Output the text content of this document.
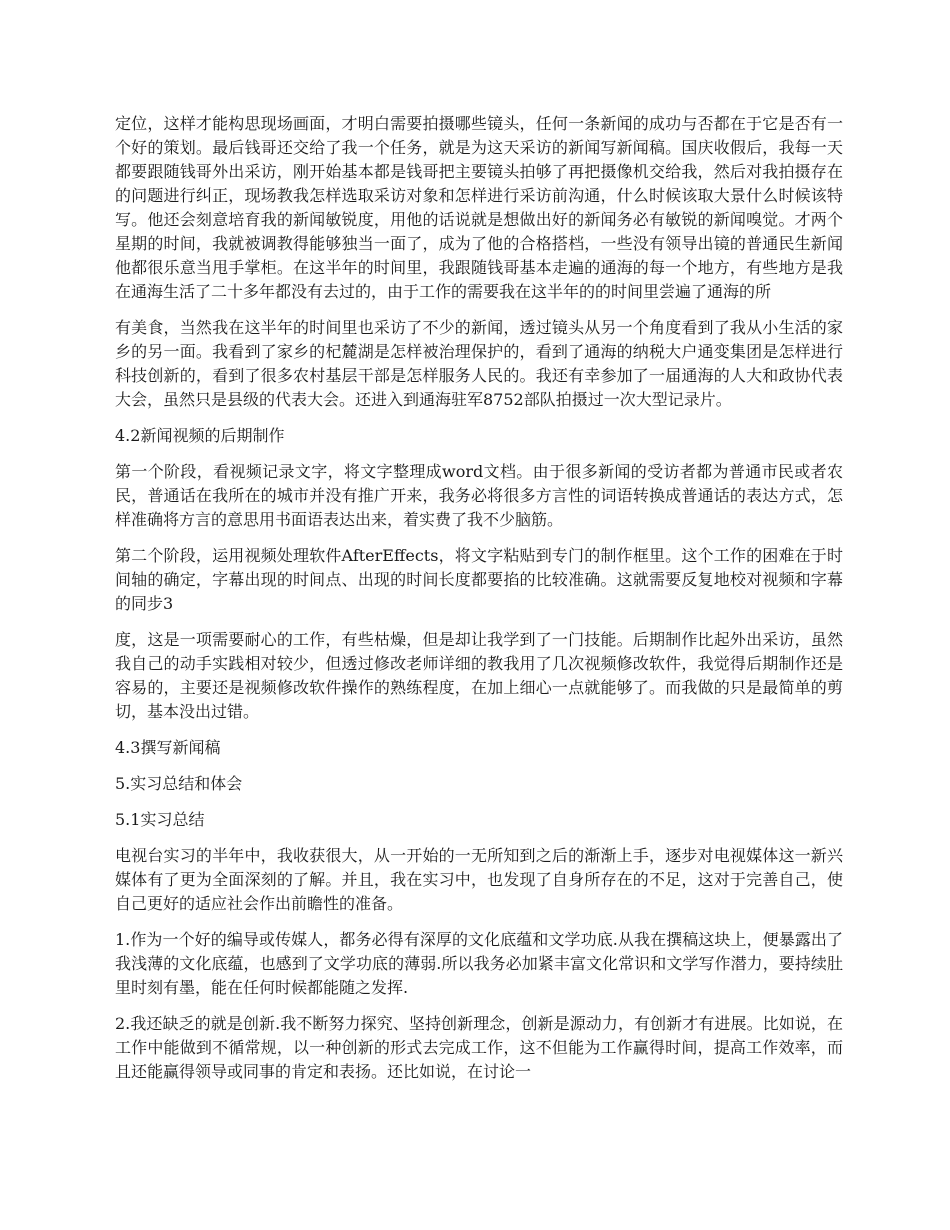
定位，这样才能构思现场画面，才明白需要拍摄哪些镜头，任何一条新闻的成功与否都在于它是否有一个好的策划。最后钱哥还交给了我一个任务，就是为这天采访的新闻写新闻稿。国庆收假后，我每一天都要跟随钱哥外出采访，刚开始基本都是钱哥把主要镜头拍够了再把摄像机交给我，然后对我拍摄存在的问题进行纠正，现场教我怎样选取采访对象和怎样进行采访前沟通，什么时候该取大景什么时候该特写。他还会刻意培育我的新闻敏锐度，用他的话说就是想做出好的新闻务必有敏锐的新闻嗅觉。才两个星期的时间，我就被调教得能够独当一面了，成为了他的合格搭档，一些没有领导出镜的普通民生新闻他都很乐意当甩手掌柜。在这半年的时间里，我跟随钱哥基本走遍的通海的每一个地方，有些地方是我在通海生活了二十多年都没有去过的，由于工作的需要我在这半年的的时间里尝遍了通海的所

有美食，当然我在这半年的时间里也采访了不少的新闻，透过镜头从另一个角度看到了我从小生活的家乡的另一面。我看到了家乡的杞麓湖是怎样被治理保护的，看到了通海的纳税大户通变集团是怎样进行科技创新的，看到了很多农村基层干部是怎样服务人民的。我还有幸参加了一届通海的人大和政协代表大会，虽然只是县级的代表大会。还进入到通海驻军8752部队拍摄过一次大型记录片。

4.2新闻视频的后期制作

第一个阶段，看视频记录文字，将文字整理成word文档。由于很多新闻的受访者都为普通市民或者农民，普通话在我所在的城市并没有推广开来，我务必将很多方言性的词语转换成普通话的表达方式，怎样准确将方言的意思用书面语表达出来，着实费了我不少脑筋。

第二个阶段，运用视频处理软件AfterEffects，将文字粘贴到专门的制作框里。这个工作的困难在于时间轴的确定，字幕出现的时间点、出现的时间长度都要掐的比较准确。这就需要反复地校对视频和字幕的同步3

度，这是一项需要耐心的工作，有些枯燥，但是却让我学到了一门技能。后期制作比起外出采访，虽然我自己的动手实践相对较少，但透过修改老师详细的教我用了几次视频修改软件，我觉得后期制作还是容易的，主要还是视频修改软件操作的熟练程度，在加上细心一点就能够了。而我做的只是最简单的剪切，基本没出过错。

4.3撰写新闻稿

5.实习总结和体会

5.1实习总结

电视台实习的半年中，我收获很大，从一开始的一无所知到之后的渐渐上手，逐步对电视媒体这一新兴媒体有了更为全面深刻的了解。并且，我在实习中，也发现了自身所存在的不足，这对于完善自己，使自己更好的适应社会作出前瞻性的准备。

1.作为一个好的编导或传媒人，都务必得有深厚的文化底蕴和文学功底.从我在撰稿这块上，便暴露出了我浅薄的文化底蕴，也感到了文学功底的薄弱.所以我务必加紧丰富文化常识和文学写作潜力，要持续肚里时刻有墨，能在任何时候都能随之发挥.

2.我还缺乏的就是创新.我不断努力探究、坚持创新理念，创新是源动力，有创新才有进展。比如说，在工作中能做到不循常规，以一种创新的形式去完成工作，这不但能为工作赢得时间，提高工作效率，而且还能赢得领导或同事的肯定和表扬。还比如说，在讨论一
